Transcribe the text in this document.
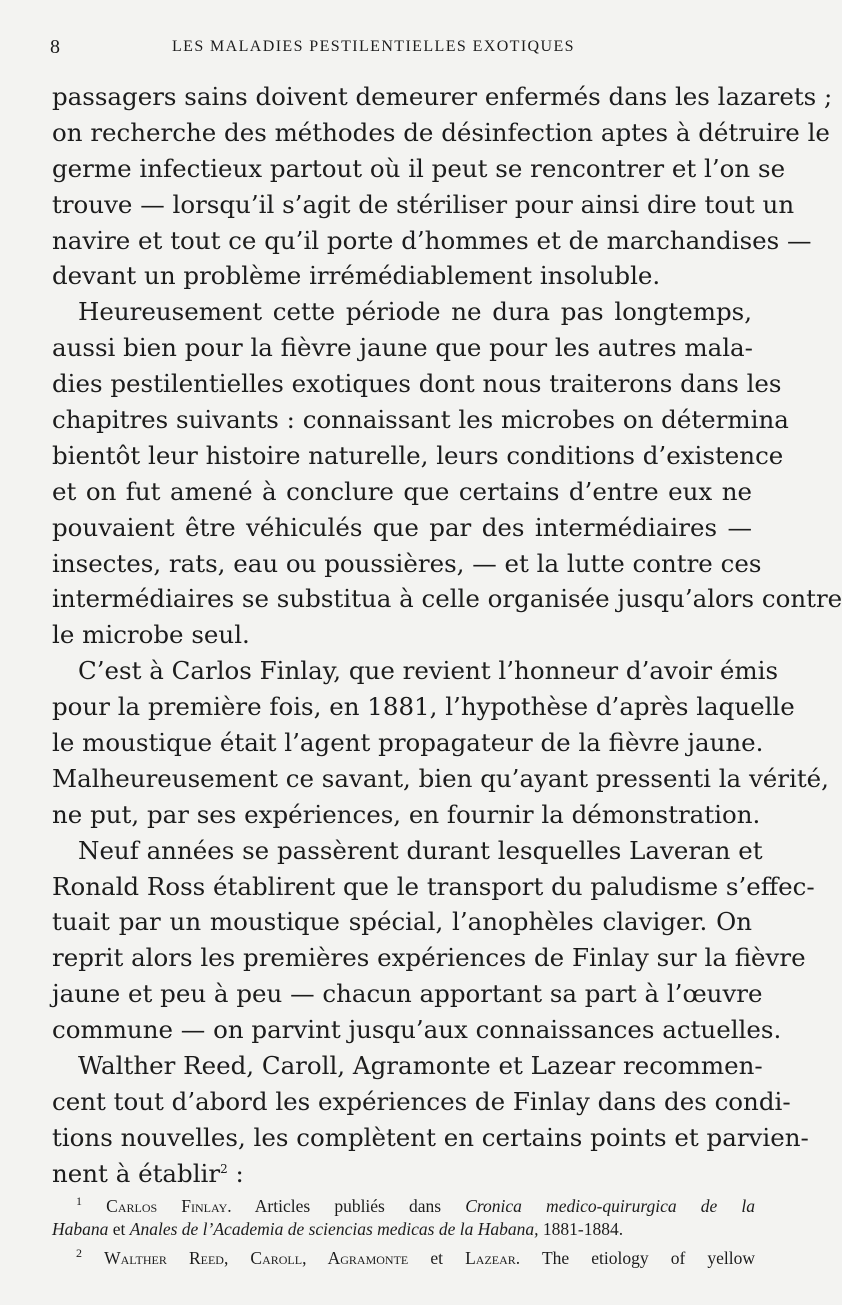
8	LES MALADIES PESTILENTIELLES EXOTIQUES
passagers sains doivent demeurer enfermés dans les lazarets ;
on recherche des méthodes de désinfection aptes à détruire le
germe infectieux partout où il peut se rencontrer et l’on se
trouve — lorsqu’il s’agit de stériliser pour ainsi dire tout un
navire et tout ce qu’il porte d’hommes et de marchandises —
devant un problème irrémédiablement insoluble.
Heureusement cette période ne dura pas longtemps,
aussi bien pour la fièvre jaune que pour les autres mala-
dies pestilentielles exotiques dont nous traiterons dans les
chapitres suivants : connaissant les microbes on détermina
bientôt leur histoire naturelle, leurs conditions d’existence
et on fut amené à conclure que certains d’entre eux ne
pouvaient être véhiculés que par des intermédiaires —
insectes, rats, eau ou poussières, — et la lutte contre ces
intermédiaires se substitua à celle organisée jusqu’alors contre
le microbe seul.
C’est à Carlos Finlay, que revient l’honneur d’avoir émis
pour la première fois, en 1881, l’hypothèse d’après laquelle
le moustique était l’agent propagateur de la fièvre jaune.
Malheureusement ce savant, bien qu’ayant pressenti la vérité,
ne put, par ses expériences, en fournir la démonstration.
Neuf années se passèrent durant lesquelles Laveran et
Ronald Ross établirent que le transport du paludisme s’effec-
tuait par un moustique spécial, l’anophèles claviger. On
reprit alors les premières expériences de Finlay sur la fièvre
jaune et peu à peu — chacun apportant sa part à l’œuvre
commune — on parvint jusqu’aux connaissances actuelles.
Walther Reed, Caroll, Agramonte et Lazear recommen-
cent tout d’abord les expériences de Finlay dans des condi-
tions nouvelles, les complètent en certains points et parvien-
nent à établir$^2$ :
$^1$ Carlos Finlay. Articles publiés dans Cronica medico-quirurgica de la
Habana et Anales de l’Academia de sciencias medicas de la Habana, 1881-1884.
$^2$ Walther Reed, Caroll, Agramonte et Lazear. The etiology of yellow
